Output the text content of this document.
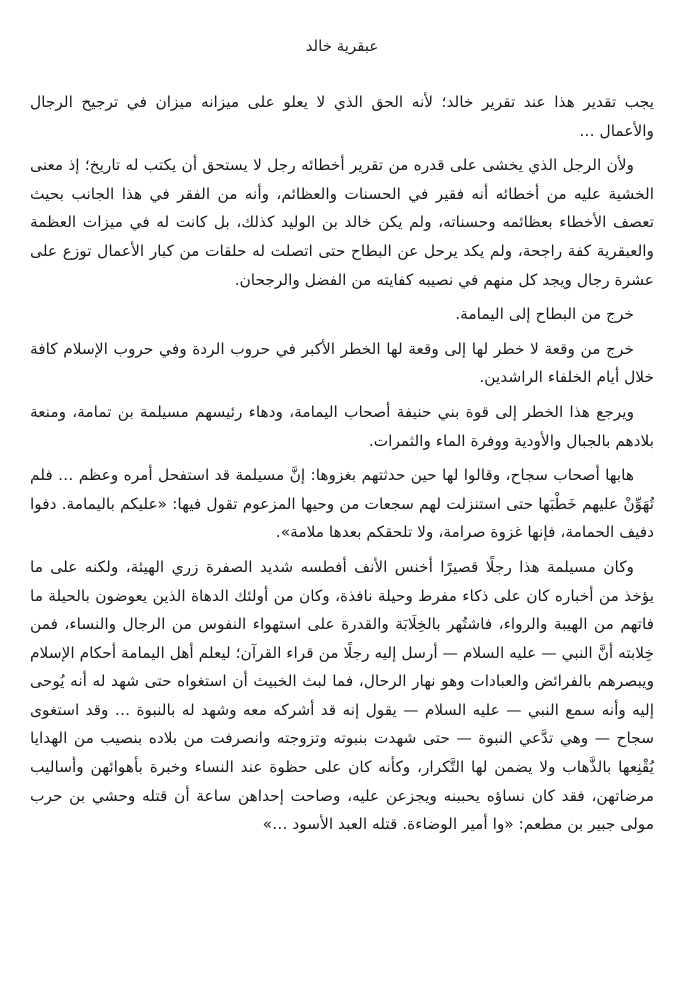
عبقرية خالد

يجب تقدير هذا عند تقرير خالد؛ لأنه الحق الذي لا يعلو على ميزانه ميزان في ترجيح الرجال والأعمال …

ولأن الرجل الذي يخشى على قدره من تقرير أخطائه رجل لا يستحق أن يكتب له تاريخ؛ إذ معنى الخشية عليه من أخطائه أنه فقير في الحسنات والعظائم، وأنه من الفقر في هذا الجانب بحيث تعصف الأخطاء بعظائمه وحسناته، ولم يكن خالد بن الوليد كذلك، بل كانت له في ميزات العظمة والعبقرية كفة راجحة، ولم يكد يرحل عن البطاح حتى اتصلت له حلقات من كبار الأعمال توزع على عشرة رجال ويجد كل منهم في نصيبه كفايته من الفضل والرجحان.

خرج من البطاح إلى اليمامة.

خرج من وقعة لا خطر لها إلى وقعة لها الخطر الأكبر في حروب الردة وفي حروب الإسلام كافة خلال أيام الخلفاء الراشدين.

ويرجع هذا الخطر إلى قوة بني حنيفة أصحاب اليمامة، ودهاء رئيسهم مسيلمة بن تمامة، ومنعة بلادهم بالجبال والأودية ووفرة الماء والثمرات.

هابها أصحاب سجاح، وقالوا لها حين حدثتهم بغزوها: إنَّ مسيلمة قد استفحل أمره وعظم … فلم تُهَوِّنْ عليهم خَطْبَها حتى استنزلت لهم سجعات من وحيها المزعوم تقول فيها: «عليكم باليمامة. دفوا دفيف الحمامة، فإنها غزوة صرامة، ولا تلحقكم بعدها ملامة».

وكان مسيلمة هذا رجلًا قصيرًا أخنس الأنف أفطسه شديد الصفرة زري الهيئة، ولكنه على ما يؤخذ من أخباره كان على ذكاء مفرط وحيلة نافذة، وكان من أولئك الدهاة الذين يعوضون بالحيلة ما فاتهم من الهيبة والرواء، فاشتُهر بالخِلَابَة والقدرة على استهواء النفوس من الرجال والنساء، فمن خِلابته أنَّ النبي — عليه السلام — أرسل إليه رجلًا من قراء القرآن؛ ليعلم أهل اليمامة أحكام الإسلام ويبصرهم بالفرائض والعبادات وهو نهار الرحال، فما لبث الخبيث أن استغواه حتى شهد له أنه يُوحى إليه وأنه سمع النبي — عليه السلام — يقول إنه قد أشركه معه وشهد له بالنبوة … وقد استغوى سجاح — وهي تدَّعي النبوة — حتى شهدت بنبوته وتزوجته وانصرفت من بلاده بنصيب من الهدايا يُقْنِعها بالذَّهاب ولا يضمن لها التَّكرار، وكأنه كان على حظوة عند النساء وخبرة بأهوائهن وأساليب مرضاتهن، فقد كان نساؤه يحببنه ويجزعن عليه، وصاحت إحداهن ساعة أن قتله وحشي بن حرب مولى جبير بن مطعم: «وا أمير الوضاءة. قتله العبد الأسود …»
